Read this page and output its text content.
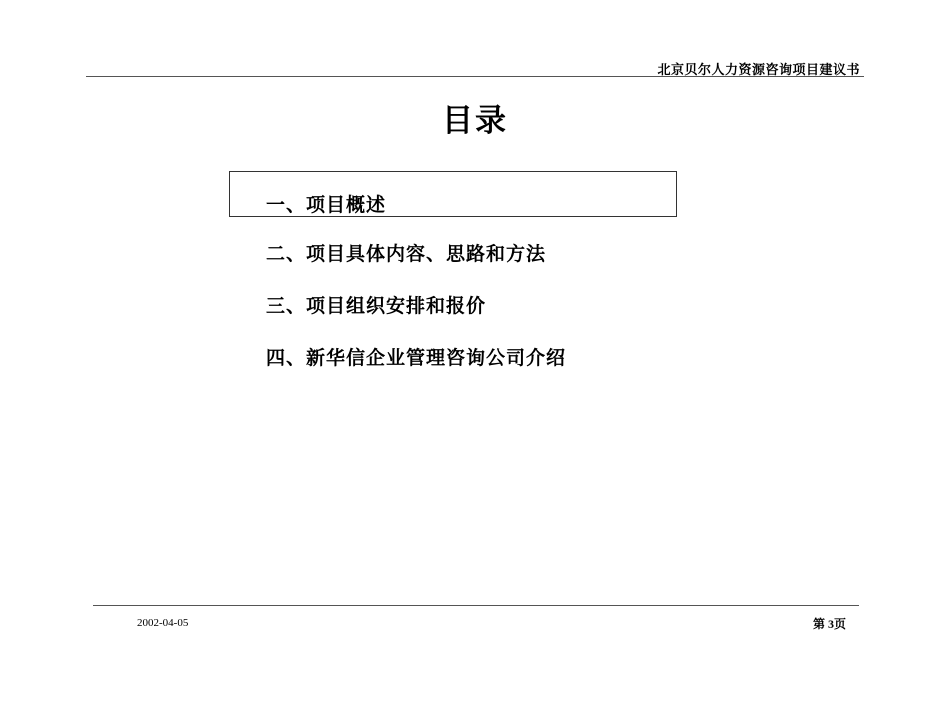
北京贝尔人力资源咨询项目建议书
目录
一、项目概述
二、项目具体内容、思路和方法
三、项目组织安排和报价
四、新华信企业管理咨询公司介绍
2002-04-05	第 3页
